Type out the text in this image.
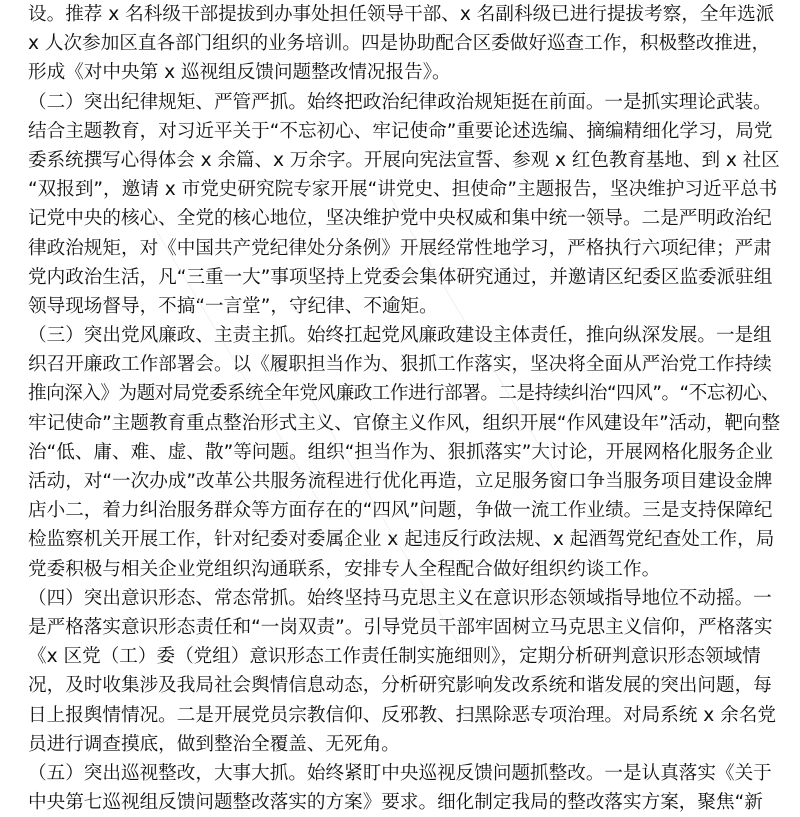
设。推荐 x 名科级干部提拔到办事处担任领导干部、x 名副科级已进行提拔考察，全年选派
x 人次参加区直各部门组织的业务培训。四是协助配合区委做好巡查工作，积极整改推进，
形成《对中央第 x 巡视组反馈问题整改情况报告》。
（二）突出纪律规矩、严管严抓。始终把政治纪律政治规矩挺在前面。一是抓实理论武装。
结合主题教育，对习近平关于“不忘初心、牢记使命”重要论述选编、摘编精细化学习，局党
委系统撰写心得体会 x 余篇、x 万余字。开展向宪法宣誓、参观 x 红色教育基地、到 x 社区
“双报到”，邀请 x 市党史研究院专家开展“讲党史、担使命”主题报告，坚决维护习近平总书
记党中央的核心、全党的核心地位，坚决维护党中央权威和集中统一领导。二是严明政治纪
律政治规矩，对《中国共产党纪律处分条例》开展经常性地学习，严格执行六项纪律；严肃
党内政治生活，凡“三重一大”事项坚持上党委会集体研究通过，并邀请区纪委区监委派驻组
领导现场督导，不搞“一言堂”，守纪律、不逾矩。
（三）突出党风廉政、主责主抓。始终扛起党风廉政建设主体责任，推向纵深发展。一是组
织召开廉政工作部署会。以《履职担当作为、狠抓工作落实，坚决将全面从严治党工作持续
推向深入》为题对局党委系统全年党风廉政工作进行部署。二是持续纠治“四风”。“不忘初心、
牢记使命”主题教育重点整治形式主义、官僚主义作风，组织开展“作风建设年”活动，靶向整
治“低、庸、难、虚、散”等问题。组织“担当作为、狠抓落实”大讨论，开展网格化服务企业
活动，对“一次办成”改革公共服务流程进行优化再造，立足服务窗口争当服务项目建设金牌
店小二，着力纠治服务群众等方面存在的“四风”问题，争做一流工作业绩。三是支持保障纪
检监察机关开展工作，针对纪委对委属企业 x 起违反行政法规、x 起酒驾党纪查处工作，局
党委积极与相关企业党组织沟通联系，安排专人全程配合做好组织约谈工作。
（四）突出意识形态、常态常抓。始终坚持马克思主义在意识形态领域指导地位不动摇。一
是严格落实意识形态责任和“一岗双责”。引导党员干部牢固树立马克思主义信仰，严格落实
《x 区党（工）委（党组）意识形态工作责任制实施细则》，定期分析研判意识形态领域情
况，及时收集涉及我局社会舆情信息动态，分析研究影响发改系统和谐发展的突出问题，每
日上报舆情情况。二是开展党员宗教信仰、反邪教、扫黑除恶专项治理。对局系统 x 余名党
员进行调查摸底，做到整治全覆盖、无死角。
（五）突出巡视整改，大事大抓。始终紧盯中央巡视反馈问题抓整改。一是认真落实《关于
中央第七巡视组反馈问题整改落实的方案》要求。细化制定我局的整改落实方案，聚焦“新
